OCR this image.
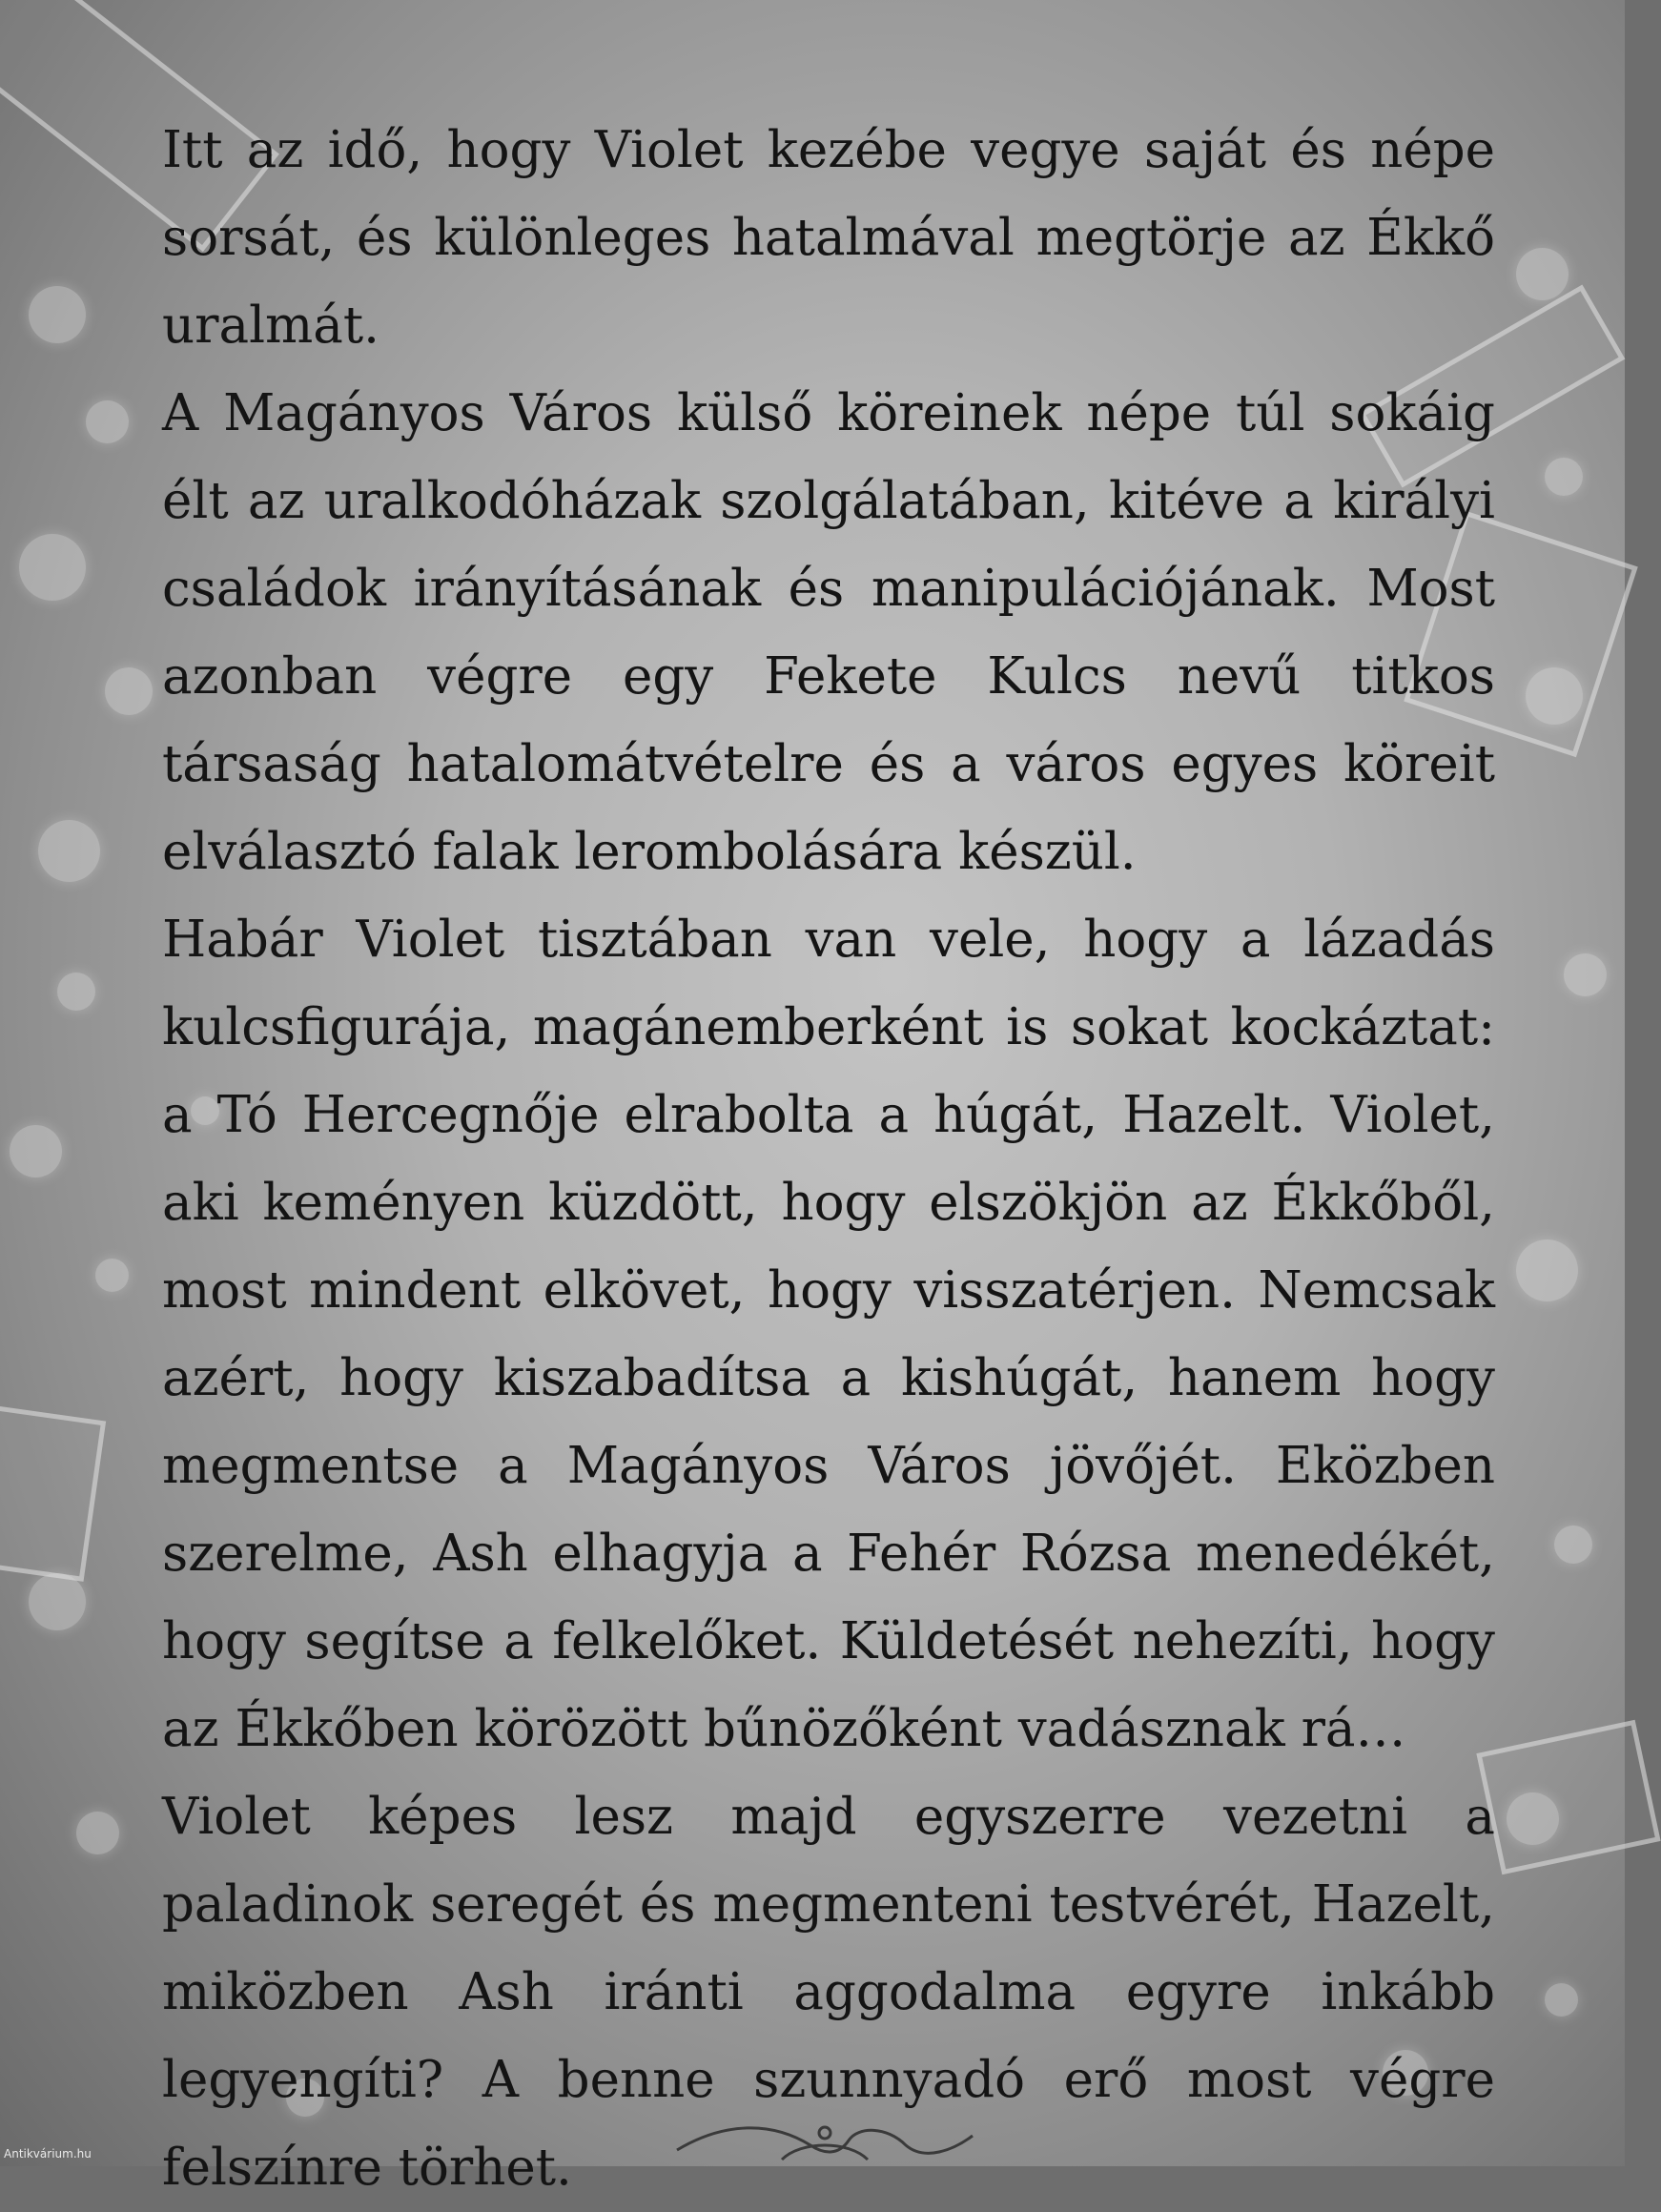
Itt az idő, hogy Violet kezébe vegye saját és népe sorsát, és különleges hatalmával megtörje az Ékkő uralmát.

A Magányos Város külső köreinek népe túl sokáig élt az uralkodóházak szolgálatában, kitéve a királyi családok irányításának és manipulációjának. Most azonban végre egy Fekete Kulcs nevű titkos társaság hatalomátvételre és a város egyes köreit elválasztó falak lerombolására készül.

Habár Violet tisztában van vele, hogy a lázadás kulcsfigurája, magánemberként is sokat kockáztat: a Tó Hercegnője elrabolta a húgát, Hazelt. Violet, aki keményen küzdött, hogy elszökjön az Ékkőből, most mindent elkövet, hogy visszatérjen. Nemcsak azért, hogy kiszabadítsa a kishúgát, hanem hogy megmentse a Magányos Város jövőjét. Eközben szerelme, Ash elhagyja a Fehér Rózsa menedékét, hogy segítse a felkelőket. Küldetését nehezíti, hogy az Ékkőben körözött bűnözőként vadásznak rá…

Violet képes lesz majd egyszerre vezetni a paladinok seregét és megmenteni testvérét, Hazelt, miközben Ash iránti aggodalma egyre inkább legyengíti? A benne szunnyadó erő most végre felszínre törhet.

Antikvárium.hu
